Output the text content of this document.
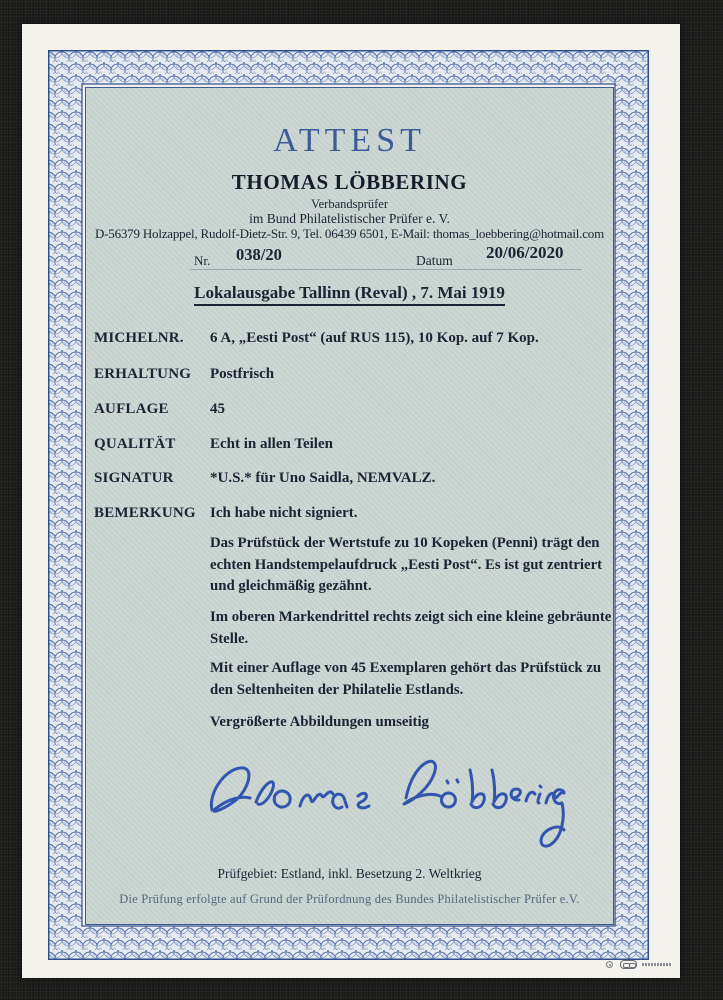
ATTEST
THOMAS LÖBBERING
Verbandsprüfer
im Bund Philatelistischer Prüfer e. V.
D-56379 Holzappel, Rudolf-Dietz-Str. 9, Tel. 06439 6501, E-Mail: thomas_loebbering@hotmail.com
Nr. 038/20	Datum 20/06/2020
Lokalausgabe Tallinn (Reval) , 7. Mai 1919
MICHELNR. 6 A, „Eesti Post“ (auf RUS 115), 10 Kop. auf 7 Kop.
ERHALTUNG Postfrisch
AUFLAGE	45
QUALITÄT Echt in allen Teilen
SIGNATUR *U.S.* für Uno Saidla, NEMVALZ.
BEMERKUNG Ich habe nicht signiert.
Das Prüfstück der Wertstufe zu 10 Kopeken (Penni) trägt den echten Handstempelaufdruck „Eesti Post“. Es ist gut zentriert und gleichmäßig gezähnt.
Im oberen Markendrittel rechts zeigt sich eine kleine gebräunte Stelle.
Mit einer Auflage von 45 Exemplaren gehört das Prüfstück zu den Seltenheiten der Philatelie Estlands.
Vergrößerte Abbildungen umseitig
Prüfgebiet: Estland, inkl. Besetzung 2. Weltkrieg
Die Prüfung erfolgte auf Grund der Prüfordnung des Bundes Philatelistischer Prüfer e.V.
